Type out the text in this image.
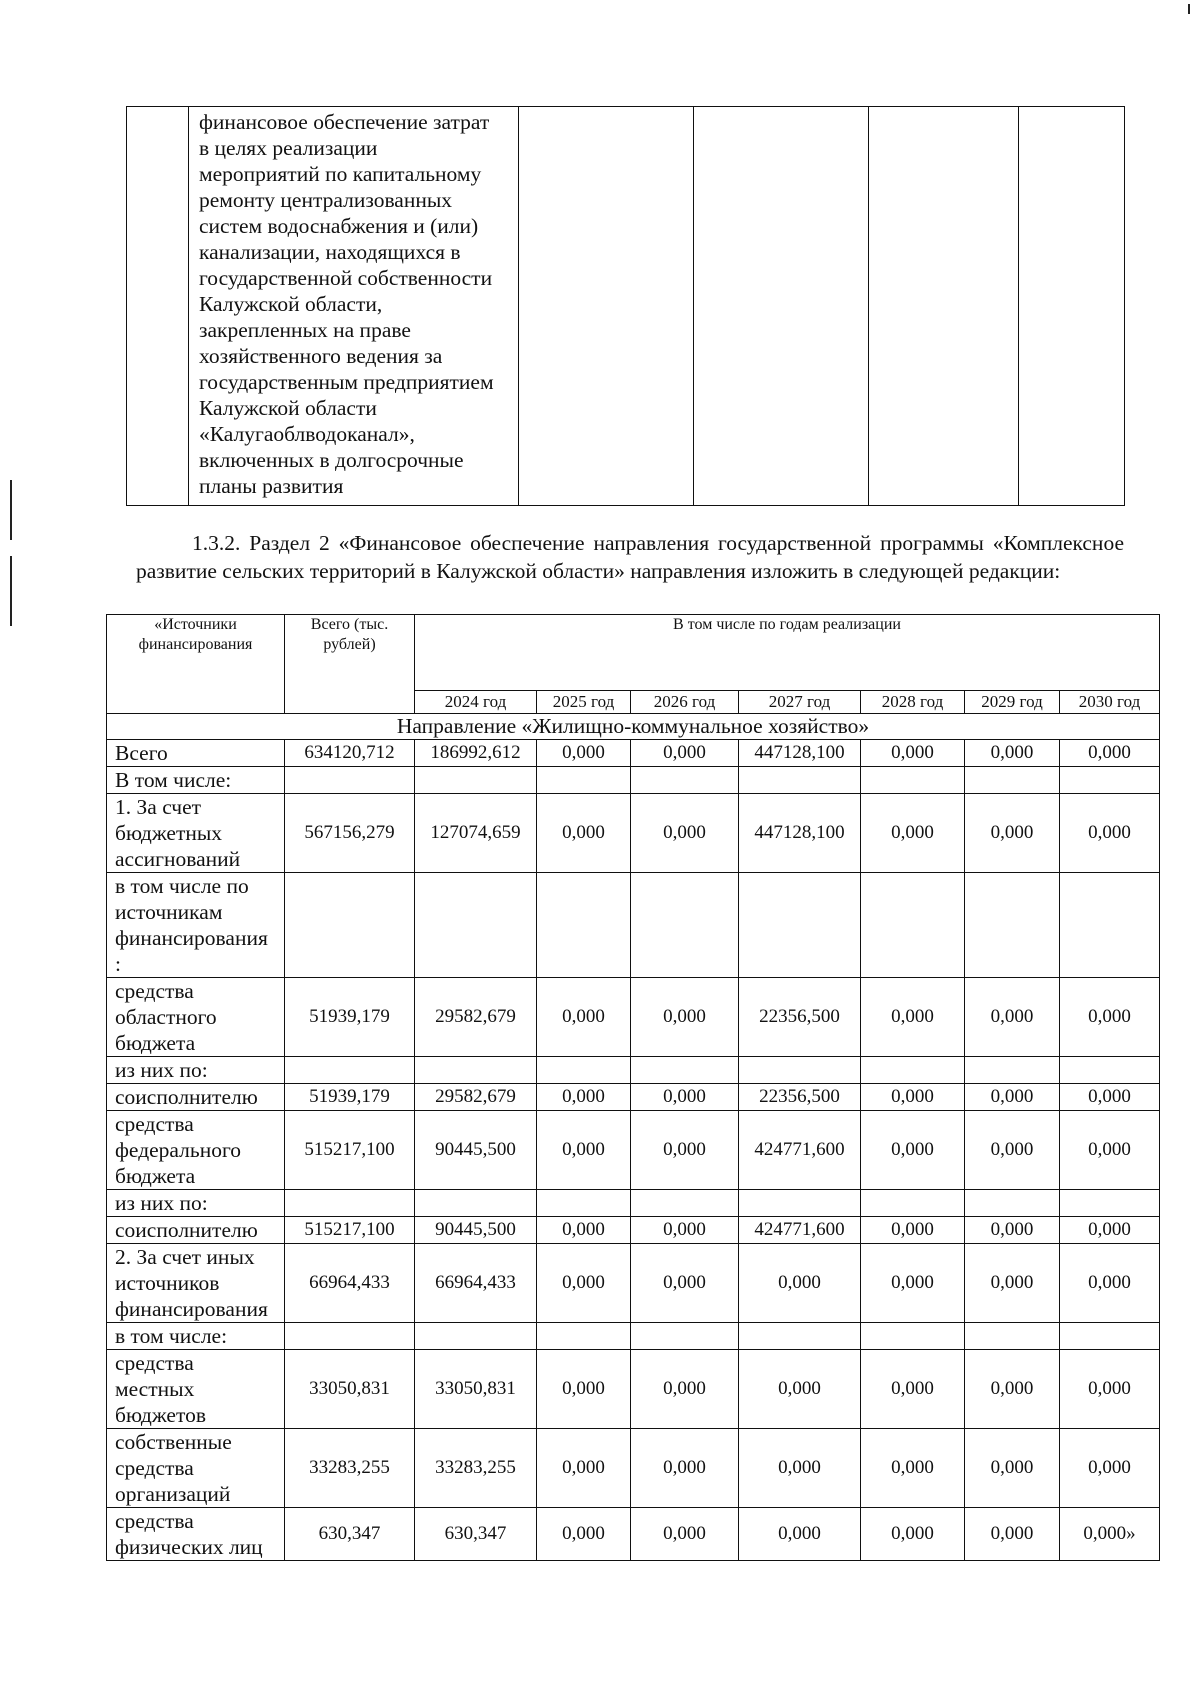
	финансовое обеспечение затрат
в целях реализации
мероприятий по капитальному
ремонту централизованных
систем водоснабжения и (или)
канализации, находящихся в
государственной собственности
Калужской области,
закрепленных на праве
хозяйственного ведения за
государственным предприятием
Калужской области
«Калугаоблводоканал»,
включенных в долгосрочные
планы развития				

1.3.2. Раздел 2 «Финансовое обеспечение направления государственной программы «Комплексное развитие сельских территорий в Калужской области» направления изложить в следующей редакции:

«Источники финансирования	Всего (тыс. рублей)	В том числе по годам реализации						
		2024 год	2025 год	2026 год	2027 год	2028 год	2029 год	2030 год
Направление «Жилищно-коммунальное хозяйство»								
Всего	634120,712	186992,612	0,000	0,000	447128,100	0,000	0,000	0,000
В том числе:								
1. За счет
бюджетных
ассигнований	567156,279	127074,659	0,000	0,000	447128,100	0,000	0,000	0,000
в том числе по
источникам
финансирования
:								
средства
областного
бюджета	51939,179	29582,679	0,000	0,000	22356,500	0,000	0,000	0,000
из них по:								
соисполнителю	51939,179	29582,679	0,000	0,000	22356,500	0,000	0,000	0,000
средства
федерального
бюджета	515217,100	90445,500	0,000	0,000	424771,600	0,000	0,000	0,000
из них по:								
соисполнителю	515217,100	90445,500	0,000	0,000	424771,600	0,000	0,000	0,000
2. За счет иных
источников
финансирования	66964,433	66964,433	0,000	0,000	0,000	0,000	0,000	0,000
в том числе:								
средства
местных
бюджетов	33050,831	33050,831	0,000	0,000	0,000	0,000	0,000	0,000
собственные
средства
организаций	33283,255	33283,255	0,000	0,000	0,000	0,000	0,000	0,000
средства
физических лиц	630,347	630,347	0,000	0,000	0,000	0,000	0,000	0,000»
